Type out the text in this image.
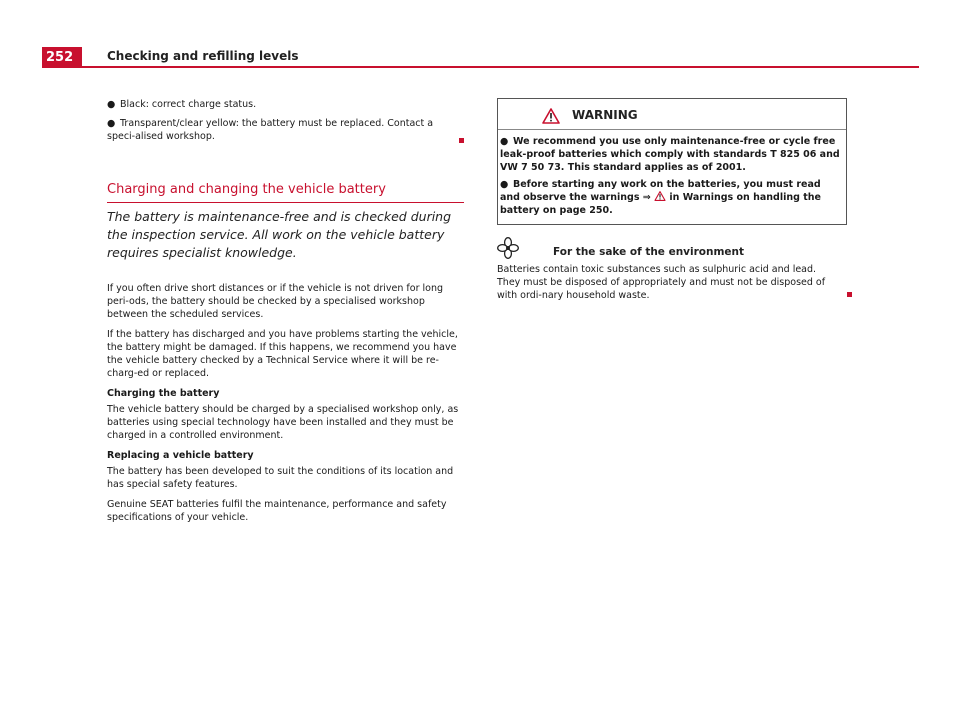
252	Checking and refilling levels

● Black: correct charge status.

● Transparent/clear yellow: the battery must be replaced. Contact a speci-alised workshop.

Charging and changing the vehicle battery
The battery is maintenance-free and is checked during the inspection service. All work on the vehicle battery requires specialist knowledge.

If you often drive short distances or if the vehicle is not driven for long peri-ods, the battery should be checked by a specialised workshop between the scheduled services.

If the battery has discharged and you have problems starting the vehicle, the battery might be damaged. If this happens, we recommend you have the vehicle battery checked by a Technical Service where it will be re-charg-ed or replaced.

Charging the battery

The vehicle battery should be charged by a specialised workshop only, as batteries using special technology have been installed and they must be charged in a controlled environment.

Replacing a vehicle battery

The battery has been developed to suit the conditions of its location and has special safety features.

Genuine SEAT batteries fulfil the maintenance, performance and safety specifications of your vehicle.

WARNING

● We recommend you use only maintenance-free or cycle free leak-proof batteries which comply with standards T 825 06 and VW 7 50 73. This standard applies as of 2001.

● Before starting any work on the batteries, you must read and observe the warnings ⇒ in Warnings on handling the battery on page 250.

For the sake of the environment
Batteries contain toxic substances such as sulphuric acid and lead. They must be disposed of appropriately and must not be disposed of with ordi-nary household waste.
